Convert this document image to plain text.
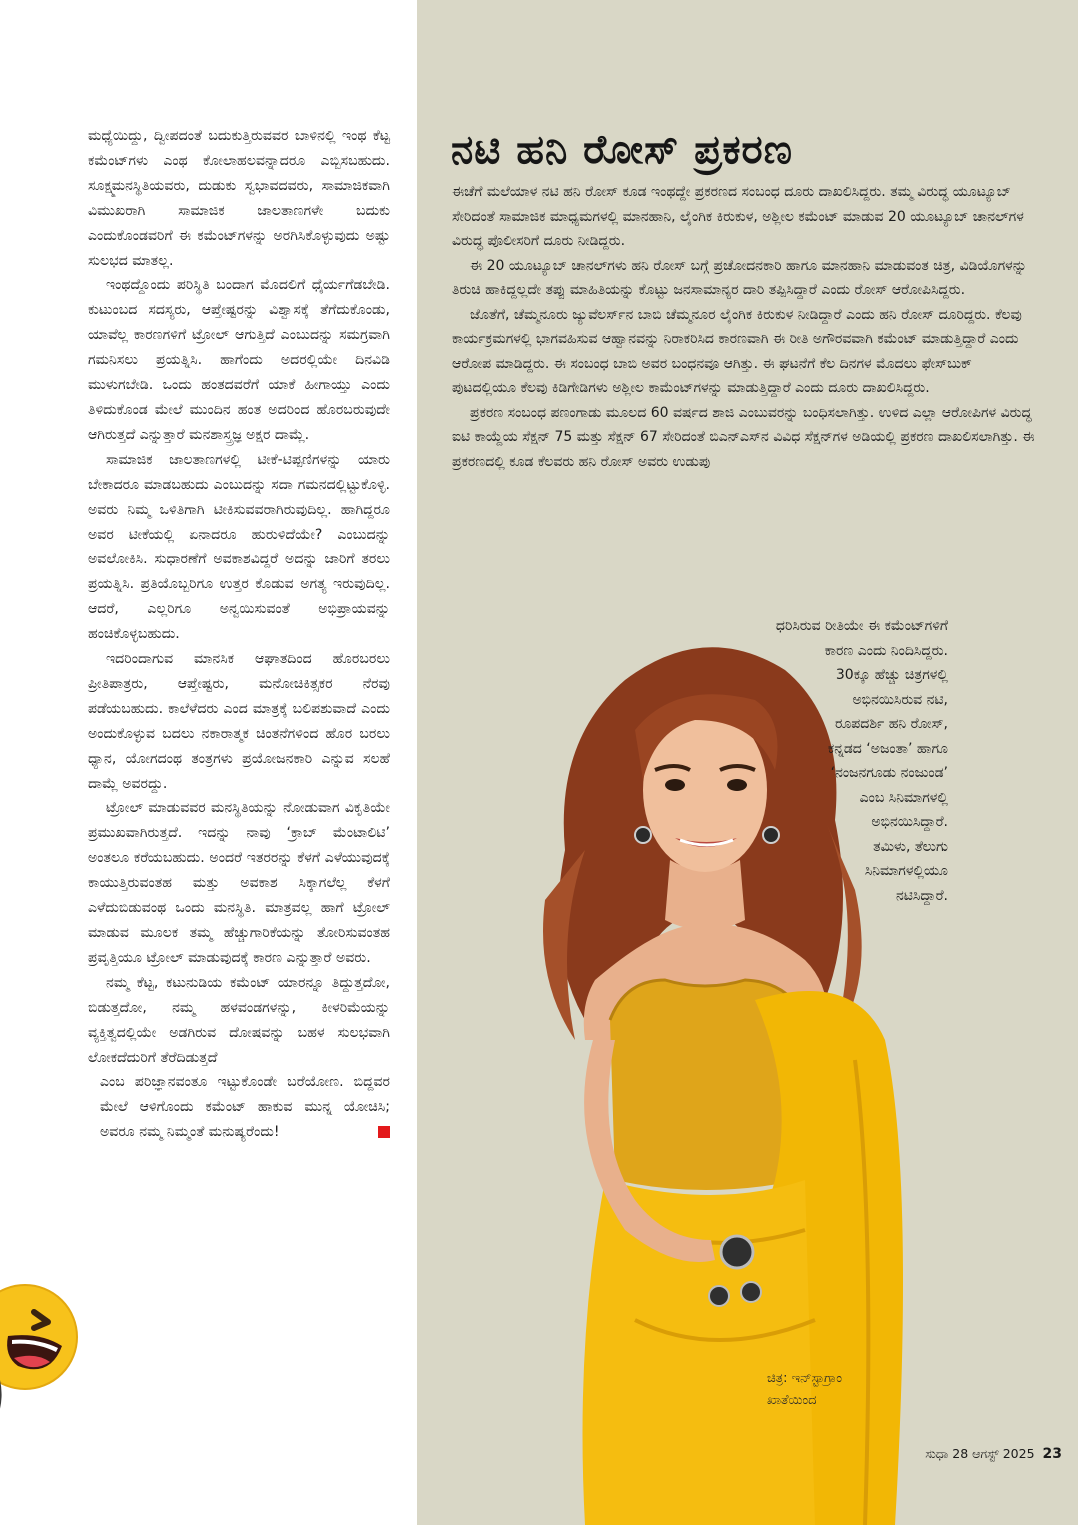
ಮಧ್ಯೆಯಿದ್ದು, ದ್ವೀಪದಂತೆ ಬದುಕುತ್ತಿರುವವರ ಬಾಳಿನಲ್ಲಿ ಇಂಥ ಕೆಟ್ಟ ಕಮೆಂಟ್‌ಗಳು ಎಂಥ ಕೋಲಾಹಲವನ್ನಾದರೂ ಎಬ್ಬಿಸಬಹುದು. ಸೂಕ್ಷ್ಮಮನಸ್ಥಿತಿಯವರು, ದುಡುಕು ಸ್ವಭಾವದವರು, ಸಾಮಾಜಿಕವಾಗಿ ವಿಮುಖರಾಗಿ ಸಾಮಾಜಿಕ ಜಾಲತಾಣಗಳೇ ಬದುಕು ಎಂದುಕೊಂಡವರಿಗೆ ಈ ಕಮೆಂಟ್‌ಗಳನ್ನು ಅರಗಿಸಿಕೊಳ್ಳುವುದು ಅಷ್ಟು ಸುಲಭದ ಮಾತಲ್ಲ.

ಇಂಥದ್ದೊಂದು ಪರಿಸ್ಥಿತಿ ಬಂದಾಗ ಮೊದಲಿಗೆ ಧೈರ್ಯಗೆಡಬೇಡಿ. ಕುಟುಂಬದ ಸದಸ್ಯರು, ಆಪ್ತೇಷ್ಟರನ್ನು ವಿಶ್ವಾಸಕ್ಕೆ ತೆಗೆದುಕೊಂಡು, ಯಾವೆಲ್ಲ ಕಾರಣಗಳಿಗೆ ಟ್ರೋಲ್ ಆಗುತ್ತಿದೆ ಎಂಬುದನ್ನು ಸಮಗ್ರವಾಗಿ ಗಮನಿಸಲು ಪ್ರಯತ್ನಿಸಿ. ಹಾಗೆಂದು ಅದರಲ್ಲಿಯೇ ದಿನವಿಡಿ ಮುಳುಗಬೇಡಿ. ಒಂದು ಹಂತದವರೆಗೆ ಯಾಕೆ ಹೀಗಾಯ್ತು ಎಂದು ತಿಳಿದುಕೊಂಡ ಮೇಲೆ ಮುಂದಿನ ಹಂತ ಅದರಿಂದ ಹೊರಬರುವುದೇ ಆಗಿರುತ್ತದೆ ಎನ್ನುತ್ತಾರೆ ಮನಶಾಸ್ತ್ರಜ್ಞ ಅಕ್ಷರ ದಾಮ್ಲೆ.

ಸಾಮಾಜಿಕ ಜಾಲತಾಣಗಳಲ್ಲಿ ಟೀಕೆ-ಟಿಪ್ಪಣಿಗಳನ್ನು ಯಾರು ಬೇಕಾದರೂ ಮಾಡಬಹುದು ಎಂಬುದನ್ನು ಸದಾ ಗಮನದಲ್ಲಿಟ್ಟುಕೊಳ್ಳಿ. ಅವರು ನಿಮ್ಮ ಒಳಿತಿಗಾಗಿ ಟೀಕಿಸುವವರಾಗಿರುವುದಿಲ್ಲ. ಹಾಗಿದ್ದರೂ ಅವರ ಟೀಕೆಯಲ್ಲಿ ಏನಾದರೂ ಹುರುಳಿದೆಯೇ? ಎಂಬುದನ್ನು ಅವಲೋಕಿಸಿ. ಸುಧಾರಣೆಗೆ ಅವಕಾಶವಿದ್ದರೆ ಅದನ್ನು ಜಾರಿಗೆ ತರಲು ಪ್ರಯತ್ನಿಸಿ. ಪ್ರತಿಯೊಬ್ಬರಿಗೂ ಉತ್ತರ ಕೊಡುವ ಅಗತ್ಯ ಇರುವುದಿಲ್ಲ. ಆದರೆ, ಎಲ್ಲರಿಗೂ ಅನ್ವಯಿಸುವಂತೆ ಅಭಿಪ್ರಾಯವನ್ನು ಹಂಚಿಕೊಳ್ಳಬಹುದು.

ಇದರಿಂದಾಗುವ ಮಾನಸಿಕ ಆಘಾತದಿಂದ ಹೊರಬರಲು ಪ್ರೀತಿಪಾತ್ರರು, ಆಪ್ತೇಷ್ಟರು, ಮನೋಚಿಕಿತ್ಸಕರ ನೆರವು ಪಡೆಯಬಹುದು. ಕಾಲೆಳೆದರು ಎಂದ ಮಾತ್ರಕ್ಕೆ ಬಲಿಪಶುವಾದೆ ಎಂದು ಅಂದುಕೊಳ್ಳುವ ಬದಲು ನಕಾರಾತ್ಮಕ ಚಿಂತನೆಗಳಿಂದ ಹೊರ ಬರಲು ಧ್ಯಾನ, ಯೋಗದಂಥ ತಂತ್ರಗಳು ಪ್ರಯೋಜನಕಾರಿ ಎನ್ನುವ ಸಲಹೆ ದಾಮ್ಲೆ ಅವರದ್ದು.

ಟ್ರೋಲ್ ಮಾಡುವವರ ಮನಸ್ಥಿತಿಯನ್ನು ನೋಡುವಾಗ ವಿಕೃತಿಯೇ ಪ್ರಮುಖವಾಗಿರುತ್ತದೆ. ಇದನ್ನು ನಾವು ‘ಕ್ರಾಬ್ ಮೆಂಟಾಲಿಟಿ’ ಅಂತಲೂ ಕರೆಯಬಹುದು. ಅಂದರೆ ಇತರರನ್ನು ಕೆಳಗೆ ಎಳೆಯುವುದಕ್ಕೆ ಕಾಯುತ್ತಿರುವಂತಹ ಮತ್ತು ಅವಕಾಶ ಸಿಕ್ಕಾಗಲೆಲ್ಲ ಕೆಳಗೆ ಎಳೆದುಬಿಡುವಂಥ ಒಂದು ಮನಸ್ಥಿತಿ. ಮಾತ್ರವಲ್ಲ ಹಾಗೆ ಟ್ರೋಲ್ ಮಾಡುವ ಮೂಲಕ ತಮ್ಮ ಹೆಚ್ಚುಗಾರಿಕೆಯನ್ನು ತೋರಿಸುವಂತಹ ಪ್ರವೃತ್ತಿಯೂ ಟ್ರೋಲ್ ಮಾಡುವುದಕ್ಕೆ ಕಾರಣ ಎನ್ನುತ್ತಾರೆ ಅವರು.

ನಮ್ಮ ಕೆಟ್ಟ, ಕಟುನುಡಿಯ ಕಮೆಂಟ್ ಯಾರನ್ನೂ ತಿದ್ದುತ್ತದೋ, ಬಿಡುತ್ತದೋ, ನಮ್ಮ ಹಳವಂಡಗಳನ್ನು, ಕೀಳರಿಮೆಯನ್ನು ವ್ಯಕ್ತಿತ್ವದಲ್ಲಿಯೇ ಅಡಗಿರುವ ದೋಷವನ್ನು ಬಹಳ ಸುಲಭವಾಗಿ ಲೋಕದೆದುರಿಗೆ ತೆರೆದಿಡುತ್ತದೆ

ಎಂಬ ಪರಿಜ್ಞಾನವಂತೂ ಇಟ್ಟುಕೊಂಡೇ ಬರೆಯೋಣ. ಬಿದ್ದವರ ಮೇಲೆ ಆಳಿಗೊಂದು ಕಮೆಂಟ್ ಹಾಕುವ ಮುನ್ನ ಯೋಚಿಸಿ; ಅವರೂ ನಮ್ಮ ನಿಮ್ಮಂತೆ ಮನುಷ್ಯರೆಂದು!

ನಟಿ ಹನಿ ರೋಸ್ ಪ್ರಕರಣ

ಈಚೆಗೆ ಮಲೆಯಾಳ ನಟಿ ಹನಿ ರೋಸ್ ಕೂಡ ಇಂಥದ್ದೇ ಪ್ರಕರಣದ ಸಂಬಂಧ ದೂರು ದಾಖಲಿಸಿದ್ದರು. ತಮ್ಮ ವಿರುದ್ಧ ಯೂಟ್ಯೂಬ್ ಸೇರಿದಂತೆ ಸಾಮಾಜಿಕ ಮಾಧ್ಯಮಗಳಲ್ಲಿ ಮಾನಹಾನಿ, ಲೈಂಗಿಕ ಕಿರುಕುಳ, ಅಶ್ಲೀಲ ಕಮೆಂಟ್ ಮಾಡುವ 20 ಯೂಟ್ಯೂಬ್ ಚಾನಲ್‌ಗಳ ವಿರುದ್ಧ ಪೊಲೀಸರಿಗೆ ದೂರು ನೀಡಿದ್ದರು.

ಈ 20 ಯೂಟ್ಯೂಬ್ ಚಾನಲ್‌ಗಳು ಹನಿ ರೋಸ್ ಬಗ್ಗೆ ಪ್ರಚೋದನಕಾರಿ ಹಾಗೂ ಮಾನಹಾನಿ ಮಾಡುವಂತ ಚಿತ್ರ, ವಿಡಿಯೊಗಳನ್ನು ತಿರುಚಿ ಹಾಕಿದ್ದಲ್ಲದೇ ತಪ್ಪು ಮಾಹಿತಿಯನ್ನು ಕೊಟ್ಟು ಜನಸಾಮಾನ್ಯರ ದಾರಿ ತಪ್ಪಿಸಿದ್ದಾರೆ ಎಂದು ರೋಸ್ ಆರೋಪಿಸಿದ್ದರು.

ಜೊತೆಗೆ, ಚೆಮ್ಮನೂರು ಜ್ಯುವೆಲರ್ಸ್‌ನ ಬಾಬಿ ಚೆಮ್ಮನೂರ ಲೈಂಗಿಕ ಕಿರುಕುಳ ನೀಡಿದ್ದಾರೆ ಎಂದು ಹನಿ ರೋಸ್ ದೂರಿದ್ದರು. ಕೆಲವು ಕಾರ್ಯಕ್ರಮಗಳಲ್ಲಿ ಭಾಗವಹಿಸುವ ಆಹ್ವಾನವನ್ನು ನಿರಾಕರಿಸಿದ ಕಾರಣವಾಗಿ ಈ ರೀತಿ ಅಗೌರವವಾಗಿ ಕಮೆಂಟ್ ಮಾಡುತ್ತಿದ್ದಾರೆ ಎಂದು ಆರೋಪ ಮಾಡಿದ್ದರು. ಈ ಸಂಬಂಧ ಬಾಬಿ ಅವರ ಬಂಧನವೂ ಆಗಿತ್ತು. ಈ ಘಟನೆಗೆ ಕೆಲ ದಿನಗಳ ಮೊದಲು ಫೇಸ್‌ಬುಕ್ ಪುಟದಲ್ಲಿಯೂ ಕೆಲವು ಕಿಡಿಗೇಡಿಗಳು ಅಶ್ಲೀಲ ಕಾಮೆಂಟ್‌ಗಳನ್ನು ಮಾಡುತ್ತಿದ್ದಾರೆ ಎಂದು ದೂರು ದಾಖಲಿಸಿದ್ದರು.

ಪ್ರಕರಣ ಸಂಬಂಧ ಪಣಂಗಾಡು ಮೂಲದ 60 ವರ್ಷದ ಶಾಜಿ ಎಂಬುವರನ್ನು ಬಂಧಿಸಲಾಗಿತ್ತು. ಉಳಿದ ಎಲ್ಲಾ ಆರೋಪಿಗಳ ವಿರುದ್ಧ ಐಟಿ ಕಾಯ್ದೆಯ ಸೆಕ್ಷನ್ 75 ಮತ್ತು ಸೆಕ್ಷನ್ 67 ಸೇರಿದಂತೆ ಬಿಎನ್‌ಎಸ್‌ನ ವಿವಿಧ ಸೆಕ್ಷನ್‌ಗಳ ಅಡಿಯಲ್ಲಿ ಪ್ರಕರಣ ದಾಖಲಿಸಲಾಗಿತ್ತು. ಈ ಪ್ರಕರಣದಲ್ಲಿ ಕೂಡ ಕೆಲವರು ಹನಿ ರೋಸ್ ಅವರು ಉಡುಪು

ಧರಿಸಿರುವ ರೀತಿಯೇ ಈ ಕಮೆಂಟ್‌ಗಳಿಗೆ
ಕಾರಣ ಎಂದು ನಿಂದಿಸಿದ್ದರು.
30ಕ್ಕೂ ಹೆಚ್ಚು ಚಿತ್ರಗಳಲ್ಲಿ
ಅಭಿನಯಿಸಿರುವ ನಟಿ,
ರೂಪದರ್ಶಿ ಹನಿ ರೋಸ್,
ಕನ್ನಡದ ‘ಅಜಂತಾ’ ಹಾಗೂ
‘ನಂಜನಗೂಡು ನಂಜುಂಡ’
ಎಂಬ ಸಿನಿಮಾಗಳಲ್ಲಿ
ಅಭಿನಯಿಸಿದ್ದಾರೆ.
ತಮಿಳು, ತೆಲುಗು
ಸಿನಿಮಾಗಳಲ್ಲಿಯೂ
ನಟಿಸಿದ್ದಾರೆ.
ಚಿತ್ರ: ಇನ್‌ಸ್ಟಾಗ್ರಾಂ
ಖಾತೆಯಿಂದ
ಸುಧಾ 28 ಆಗಸ್ಟ್ 2025 23
